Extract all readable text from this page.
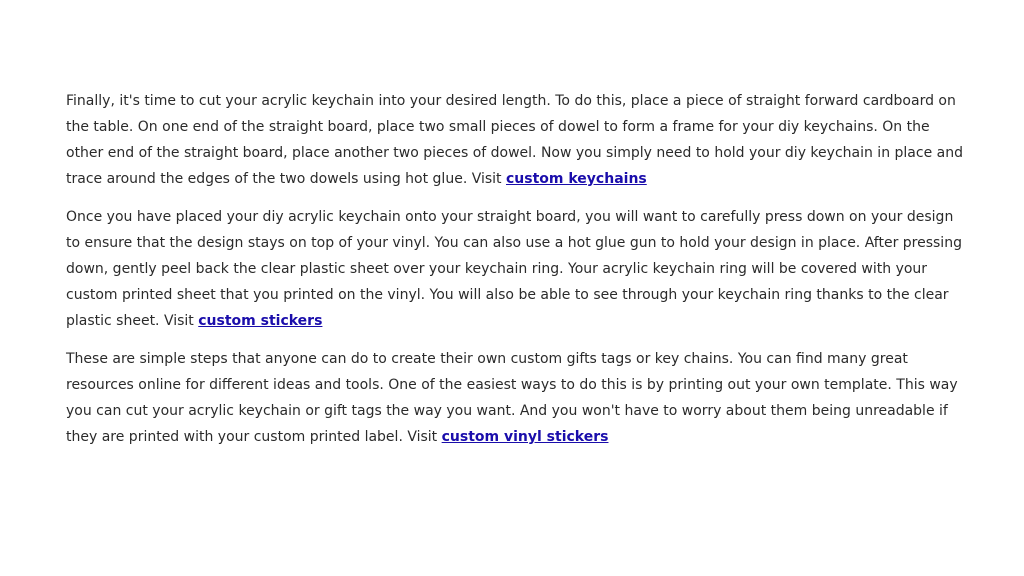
Finally, it's time to cut your acrylic keychain into your desired length. To do this, place a piece of straight forward cardboard on the table. On one end of the straight board, place two small pieces of dowel to form a frame for your diy keychains. On the other end of the straight board, place another two pieces of dowel. Now you simply need to hold your diy keychain in place and trace around the edges of the two dowels using hot glue. Visit custom keychains

Once you have placed your diy acrylic keychain onto your straight board, you will want to carefully press down on your design to ensure that the design stays on top of your vinyl. You can also use a hot glue gun to hold your design in place. After pressing down, gently peel back the clear plastic sheet over your keychain ring. Your acrylic keychain ring will be covered with your custom printed sheet that you printed on the vinyl. You will also be able to see through your keychain ring thanks to the clear plastic sheet. Visit custom stickers

These are simple steps that anyone can do to create their own custom gifts tags or key chains. You can find many great resources online for different ideas and tools. One of the easiest ways to do this is by printing out your own template. This way you can cut your acrylic keychain or gift tags the way you want. And you won't have to worry about them being unreadable if they are printed with your custom printed label. Visit custom vinyl stickers
